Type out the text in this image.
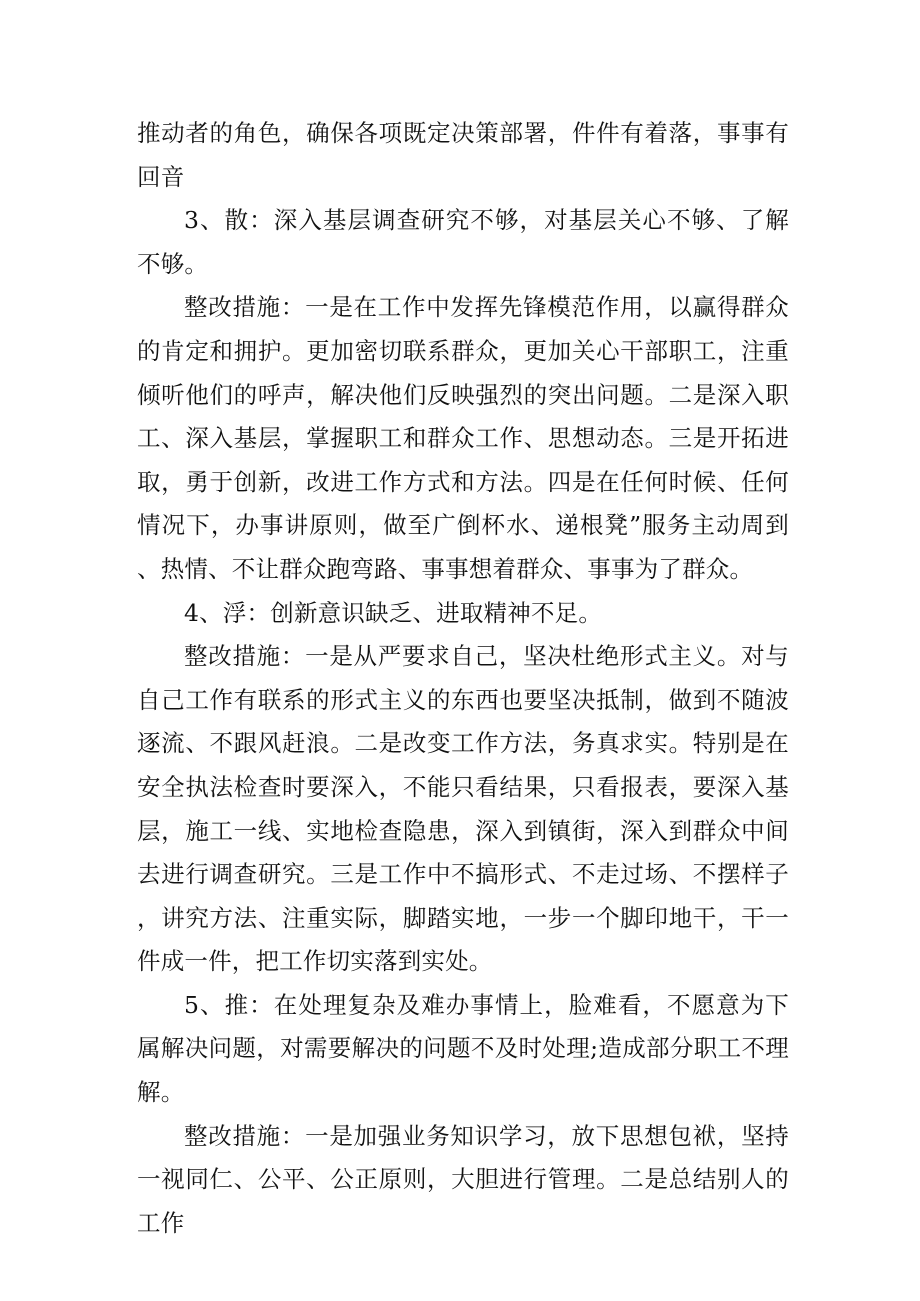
推动者的角色，确保各项既定决策部署，件件有着落，事事有回音

3、散：深入基层调查研究不够，对基层关心不够、了解不够。

整改措施：一是在工作中发挥先锋模范作用，以赢得群众的肯定和拥护。更加密切联系群众，更加关心干部职工，注重倾听他们的呼声，解决他们反映强烈的突出问题。二是深入职工、深入基层，掌握职工和群众工作、思想动态。三是开拓进取，勇于创新，改进工作方式和方法。四是在任何时候、任何情况下，办事讲原则，做至广倒杯水、递根凳”服务主动周到、热情、不让群众跑弯路、事事想着群众、事事为了群众。

4、浮：创新意识缺乏、进取精神不足。

整改措施：一是从严要求自己，坚决杜绝形式主义。对与自己工作有联系的形式主义的东西也要坚决抵制，做到不随波逐流、不跟风赶浪。二是改变工作方法，务真求实。特别是在安全执法检查时要深入，不能只看结果，只看报表，要深入基层，施工一线、实地检查隐患，深入到镇街，深入到群众中间去进行调查研究。三是工作中不搞形式、不走过场、不摆样子，讲究方法、注重实际，脚踏实地，一步一个脚印地干，干一件成一件，把工作切实落到实处。

5、推：在处理复杂及难办事情上，脸难看，不愿意为下属解决问题，对需要解决的问题不及时处理;造成部分职工不理解。

整改措施：一是加强业务知识学习，放下思想包袱，坚持一视同仁、公平、公正原则，大胆进行管理。二是总结别人的工作
